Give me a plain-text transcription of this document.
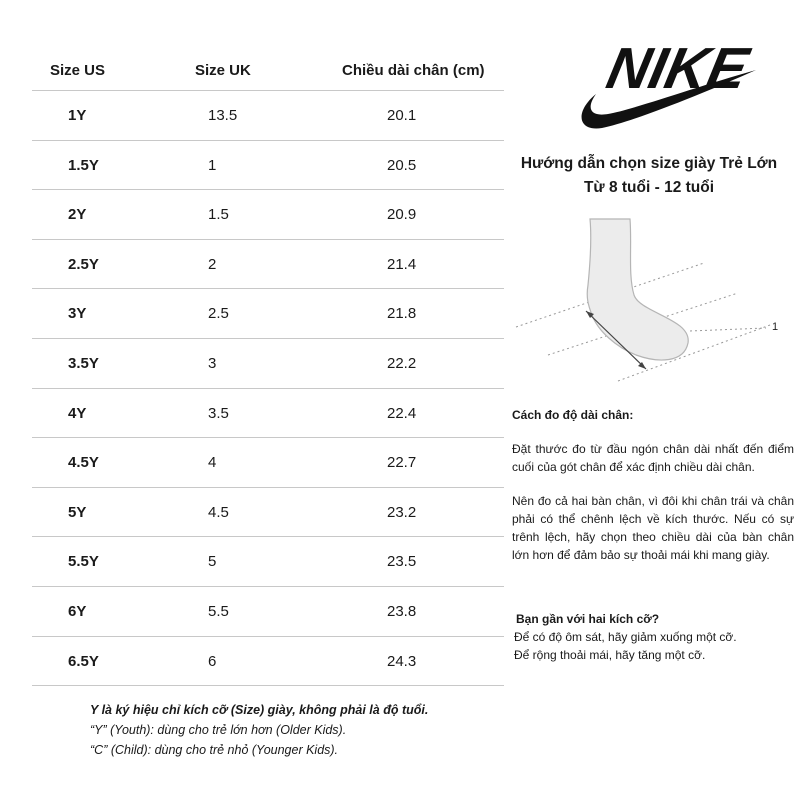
Size US	Size UK	Chiều dài chân (cm)
1Y	13.5	20.1
1.5Y	1	20.5
2Y	1.5	20.9
2.5Y	2	21.4
3Y	2.5	21.8
3.5Y	3	22.2
4Y	3.5	22.4
4.5Y	4	22.7
5Y	4.5	23.2
5.5Y	5	23.5
6Y	5.5	23.8
6.5Y	6	24.3
Y là ký hiệu chỉ kích cỡ (Size) giày, không phải là độ tuổi.
“Y” (Youth): dùng cho trẻ lớn hơn (Older Kids).
“C” (Child): dùng cho trẻ nhỏ (Younger Kids).
NIKE
Hướng dẫn chọn size giày Trẻ Lớn
Từ 8 tuổi - 12 tuổi
1
Cách đo độ dài chân:

Đặt thước đo từ đầu ngón chân dài nhất đến điểm cuối của gót chân để xác định chiều dài chân.

Nên đo cả hai bàn chân, vì đôi khi chân trái và chân phải có thể chênh lệch về kích thước. Nếu có sự trênh lệch, hãy chọn theo chiều dài của bàn chân lớn hơn để đảm bảo sự thoải mái khi mang giày.

Bạn gần với hai kích cỡ?
Để có độ ôm sát, hãy giảm xuống một cỡ.
Để rộng thoải mái, hãy tăng một cỡ.
